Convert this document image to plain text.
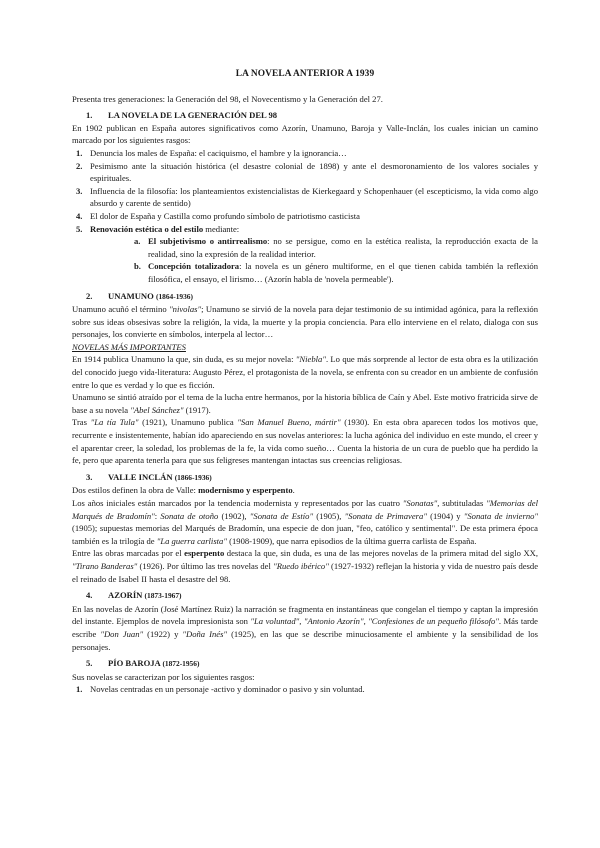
LA NOVELA ANTERIOR A 1939

Presenta tres generaciones: la Generación del 98, el Novecentismo y la Generación del 27.

1. LA NOVELA DE LA GENERACIÓN DEL 98

En 1902 publican en España autores significativos como Azorín, Unamuno, Baroja y Valle-Inclán, los cuales inician un camino marcado por los siguientes rasgos:

1. Denuncia los males de España: el caciquismo, el hambre y la ignorancia…
2. Pesimismo ante la situación histórica (el desastre colonial de 1898) y ante el desmoronamiento de los valores sociales y espirituales.
3. Influencia de la filosofía: los planteamientos existencialistas de Kierkegaard y Schopenhauer (el escepticismo, la vida como algo absurdo y carente de sentido)
4. El dolor de España y Castilla como profundo símbolo de patriotismo casticista
5. Renovación estética o del estilo mediante:
a. El subjetivismo o antirrealismo: no se persigue, como en la estética realista, la reproducción exacta de la realidad, sino la expresión de la realidad interior.
b. Concepción totalizadora: la novela es un género multiforme, en el que tienen cabida también la reflexión filosófica, el ensayo, el lirismo… (Azorín habla de 'novela permeable').
2. UNAMUNO (1864-1936)

Unamuno acuñó el término "nivolas"; Unamuno se sirvió de la novela para dejar testimonio de su intimidad agónica, para la reflexión sobre sus ideas obsesivas sobre la religión, la vida, la muerte y la propia conciencia. Para ello interviene en el relato, dialoga con sus personajes, los convierte en símbolos, interpela al lector…

NOVELAS MÁS IMPORTANTES

En 1914 publica Unamuno la que, sin duda, es su mejor novela: "Niebla". Lo que más sorprende al lector de esta obra es la utilización del conocido juego vida-literatura: Augusto Pérez, el protagonista de la novela, se enfrenta con su creador en un ambiente de confusión entre lo que es verdad y lo que es ficción.

Unamuno se sintió atraído por el tema de la lucha entre hermanos, por la historia bíblica de Caín y Abel. Este motivo fratricida sirve de base a su novela "Abel Sánchez" (1917).

Tras "La tía Tula" (1921), Unamuno publica "San Manuel Bueno, mártir" (1930). En esta obra aparecen todos los motivos que, recurrente e insistentemente, habían ido apareciendo en sus novelas anteriores: la lucha agónica del individuo en este mundo, el creer y el aparentar creer, la soledad, los problemas de la fe, la vida como sueño… Cuenta la historia de un cura de pueblo que ha perdido la fe, pero que aparenta tenerla para que sus feligreses mantengan intactas sus creencias religiosas.

3. VALLE INCLÁN (1866-1936)

Dos estilos definen la obra de Valle: modernismo y esperpento.

Los años iniciales están marcados por la tendencia modernista y representados por las cuatro "Sonatas", subtituladas "Memorias del Marqués de Bradomín": Sonata de otoño (1902), "Sonata de Estío" (1905), "Sonata de Primavera" (1904) y "Sonata de invierno" (1905); supuestas memorias del Marqués de Bradomín, una especie de don juan, "feo, católico y sentimental". De esta primera época también es la trilogía de "La guerra carlista" (1908-1909), que narra episodios de la última guerra carlista de España.

Entre las obras marcadas por el esperpento destaca la que, sin duda, es una de las mejores novelas de la primera mitad del siglo XX, "Tirano Banderas" (1926). Por último las tres novelas del "Ruedo ibérico" (1927-1932) reflejan la historia y vida de nuestro país desde el reinado de Isabel II hasta el desastre del 98.

4. AZORÍN (1873-1967)

En las novelas de Azorín (José Martínez Ruiz) la narración se fragmenta en instantáneas que congelan el tiempo y captan la impresión del instante. Ejemplos de novela impresionista son "La voluntad", "Antonio Azorín", "Confesiones de un pequeño filósofo". Más tarde escribe "Don Juan" (1922) y "Doña Inés" (1925), en las que se describe minuciosamente el ambiente y la sensibilidad de los personajes.

5. PÍO BAROJA (1872-1956)

Sus novelas se caracterizan por los siguientes rasgos:

1. Novelas centradas en un personaje -activo y dominador o pasivo y sin voluntad.
